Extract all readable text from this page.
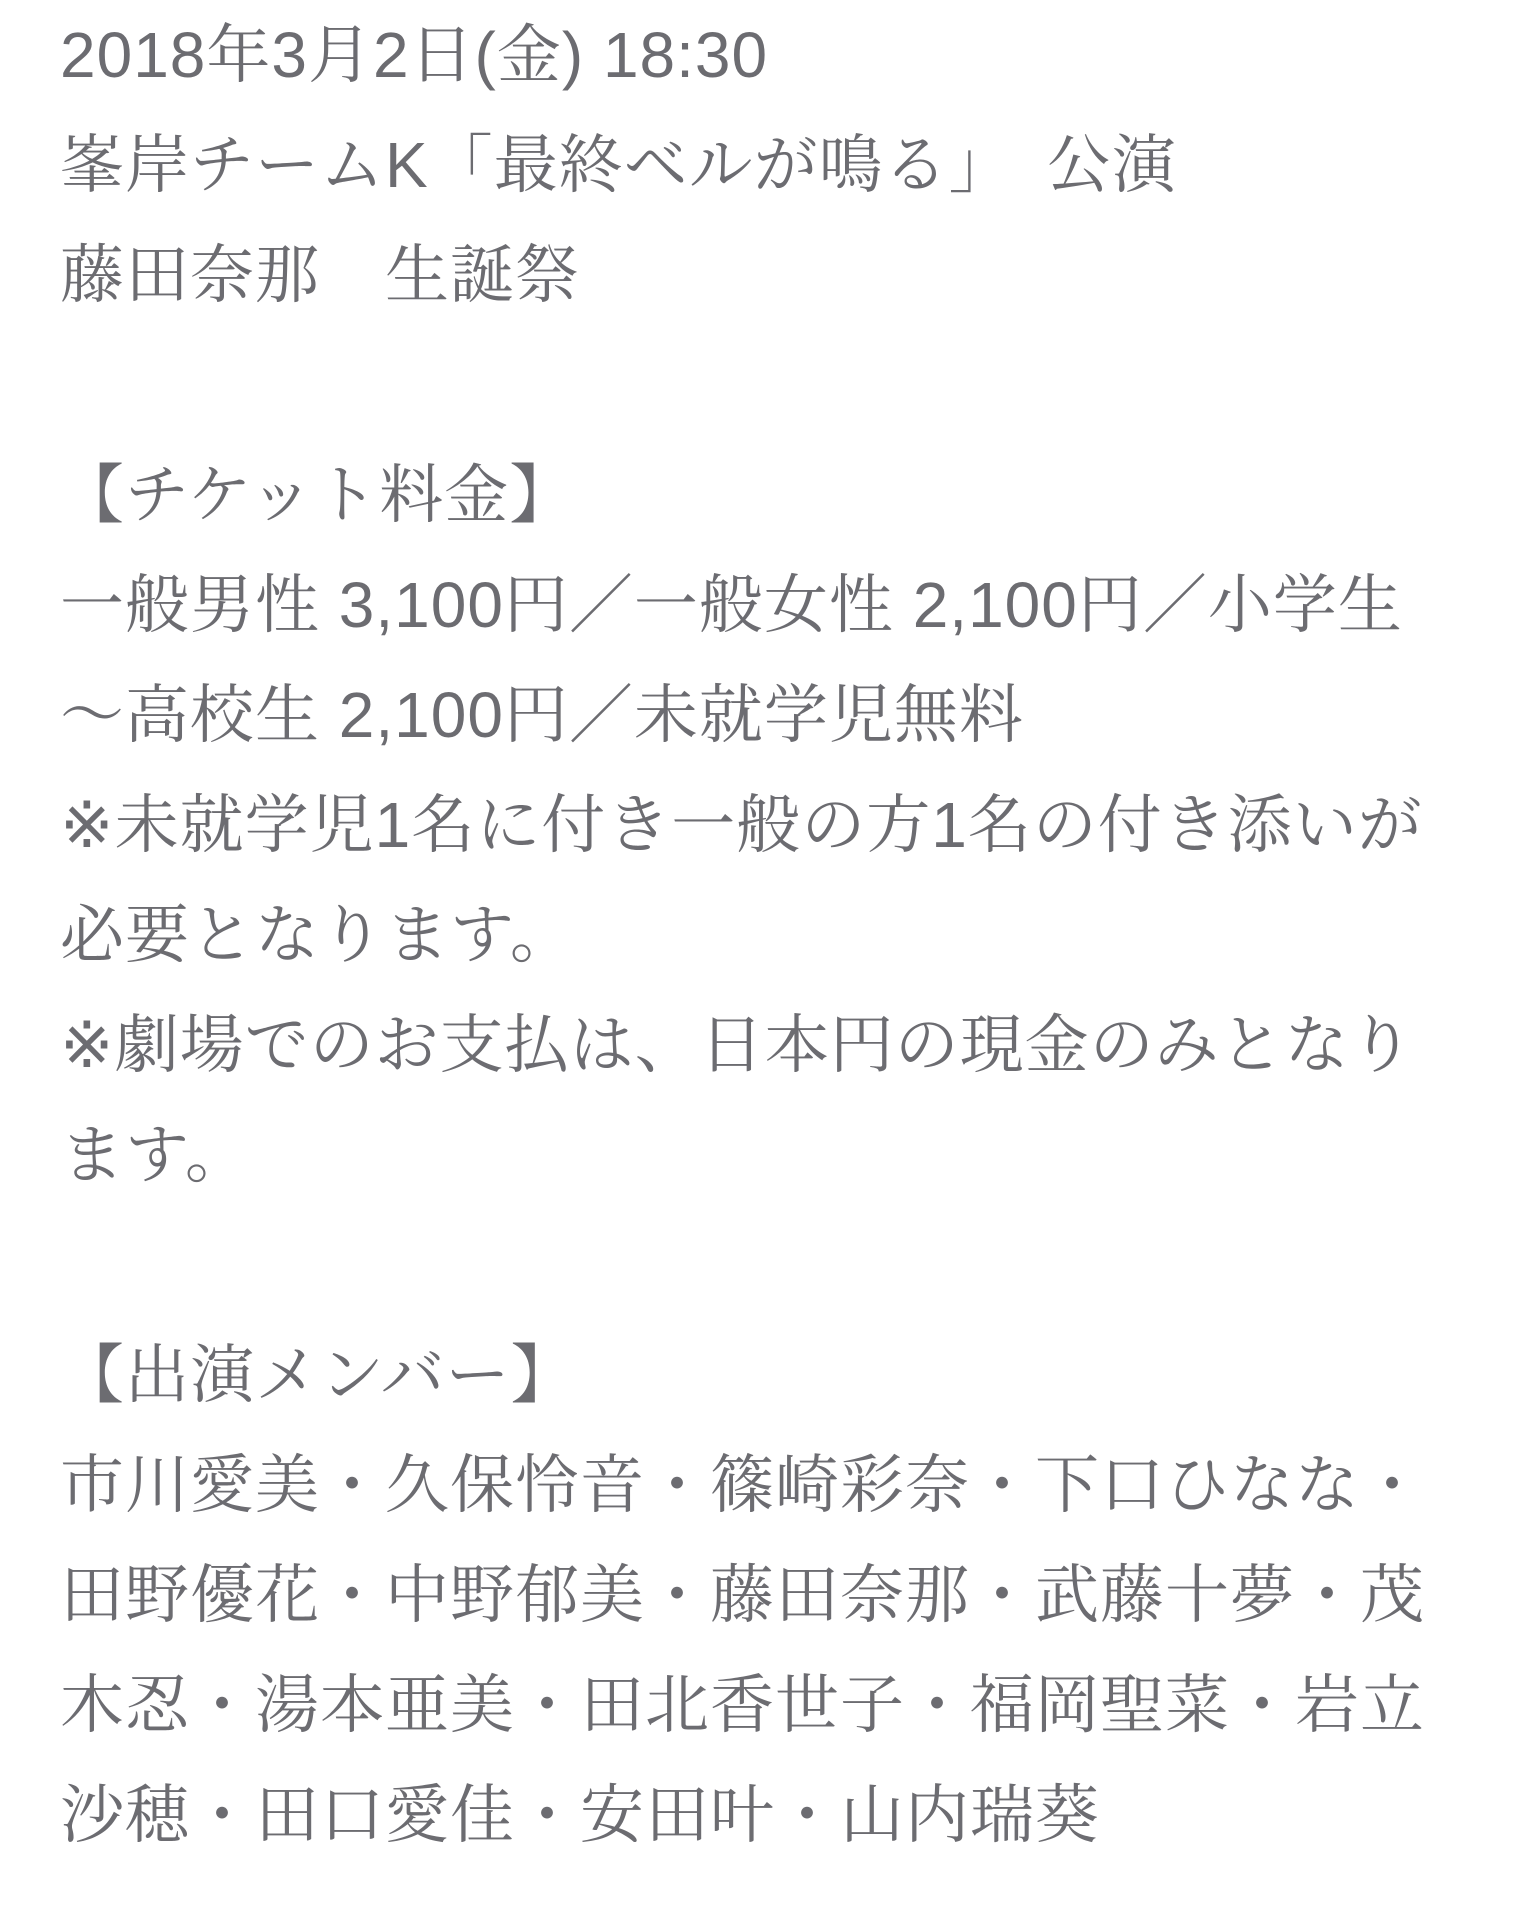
2018年3月2日(金) 18:30
峯岸チームK「最終ベルが鳴る」　公演
藤田奈那　生誕祭
【チケット料金】
一般男性 3,100円／一般女性 2,100円／小学生
～高校生 2,100円／未就学児無料
※未就学児1名に付き一般の方1名の付き添いが
必要となります。
※劇場でのお支払は、日本円の現金のみとなり
ます。
【出演メンバー】
市川愛美・久保怜音・篠崎彩奈・下口ひなな・
田野優花・中野郁美・藤田奈那・武藤十夢・茂
木忍・湯本亜美・田北香世子・福岡聖菜・岩立
沙穂・田口愛佳・安田叶・山内瑞葵
